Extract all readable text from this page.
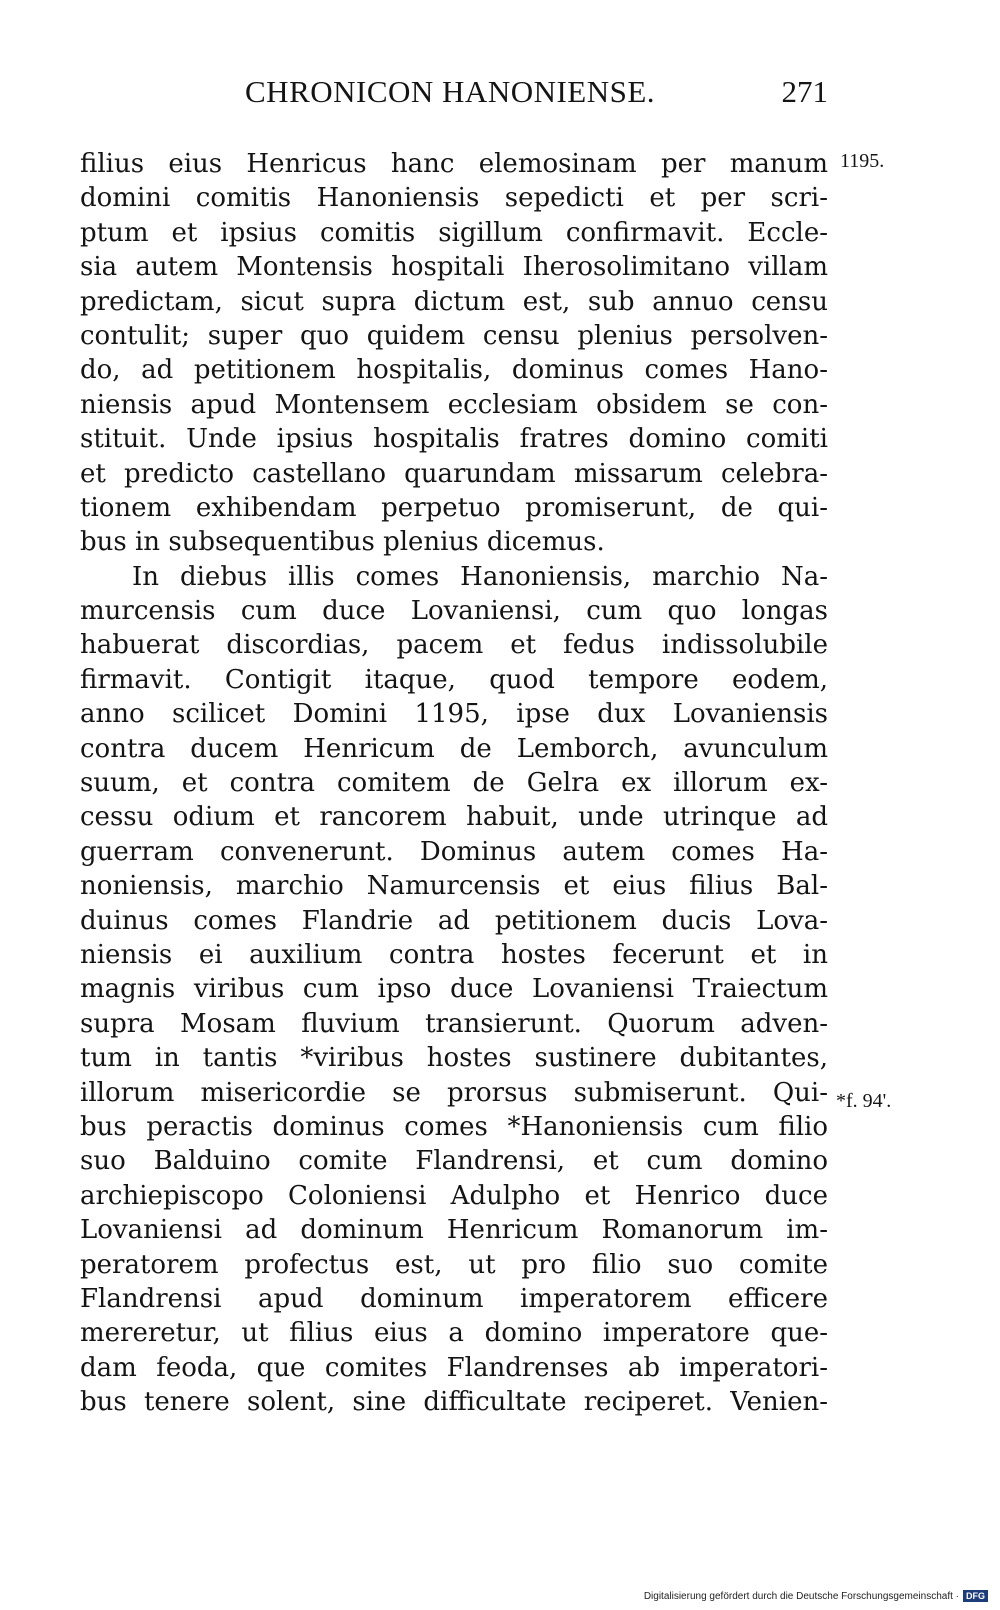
CHRONICON HANONIENSE.	271
1195.
*f. 94'.
filius eius Henricus hanc elemosinam per manum
domini comitis Hanoniensis sepedicti et per scri-
ptum et ipsius comitis sigillum confirmavit. Eccle-
sia autem Montensis hospitali Iherosolimitano villam
predictam, sicut supra dictum est, sub annuo censu
contulit; super quo quidem censu plenius persolven-
do, ad petitionem hospitalis, dominus comes Hano-
niensis apud Montensem ecclesiam obsidem se con-
stituit. Unde ipsius hospitalis fratres domino comiti
et predicto castellano quarundam missarum celebra-
tionem exhibendam perpetuo promiserunt, de qui-
bus in subsequentibus plenius dicemus.
In diebus illis comes Hanoniensis, marchio Na-
murcensis cum duce Lovaniensi, cum quo longas
habuerat discordias, pacem et fedus indissolubile
firmavit. Contigit itaque, quod tempore eodem,
anno scilicet Domini 1195, ipse dux Lovaniensis
contra ducem Henricum de Lemborch, avunculum
suum, et contra comitem de Gelra ex illorum ex-
cessu odium et rancorem habuit, unde utrinque ad
guerram convenerunt. Dominus autem comes Ha-
noniensis, marchio Namurcensis et eius filius Bal-
duinus comes Flandrie ad petitionem ducis Lova-
niensis ei auxilium contra hostes fecerunt et in
magnis viribus cum ipso duce Lovaniensi Traiectum
supra Mosam fluvium transierunt. Quorum adven-
tum in tantis *viribus hostes sustinere dubitantes,
illorum misericordie se prorsus submiserunt. Qui-
bus peractis dominus comes *Hanoniensis cum filio
suo Balduino comite Flandrensi, et cum domino
archiepiscopo Coloniensi Adulpho et Henrico duce
Lovaniensi ad dominum Henricum Romanorum im-
peratorem profectus est, ut pro filio suo comite
Flandrensi apud dominum imperatorem efficere
mereretur, ut filius eius a domino imperatore que-
dam feoda, que comites Flandrenses ab imperatori-
bus tenere solent, sine difficultate reciperet. Venien-
Digitalisierung gefördert durch die Deutsche Forschungsgemeinschaft · DFG
